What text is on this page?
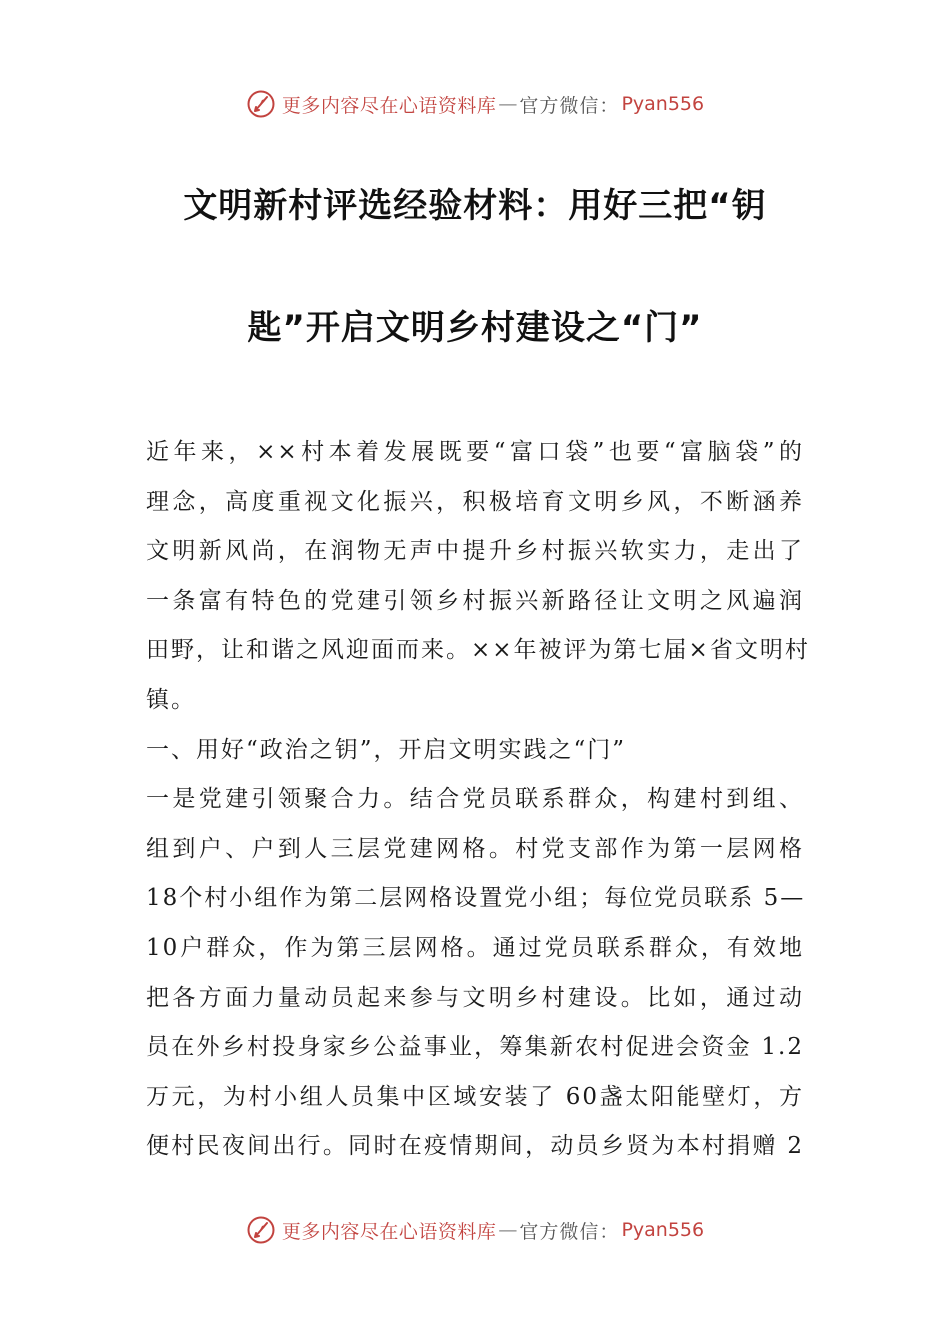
更多内容尽在心语资料库 — 官方微信： Pyan556
文明新村评选经验材料：用好三把“钥
匙”开启文明乡村建设之“门”
近年来，××村本着发展既要“富口袋”也要“富脑袋”的
理念，高度重视文化振兴，积极培育文明乡风，不断涵养
文明新风尚，在润物无声中提升乡村振兴软实力，走出了
一条富有特色的党建引领乡村振兴新路径让文明之风遍润
田野，让和谐之风迎面而来。××年被评为第七届×省文明村
镇。
一、用好“政治之钥”，开启文明实践之“门”
一是党建引领聚合力。结合党员联系群众，构建村到组、
组到户、户到人三层党建网格。村党支部作为第一层网格
18个村小组作为第二层网格设置党小组；每位党员联系 5—
10户群众，作为第三层网格。通过党员联系群众，有效地
把各方面力量动员起来参与文明乡村建设。比如，通过动
员在外乡村投身家乡公益事业，筹集新农村促进会资金 1.2
万元，为村小组人员集中区域安装了 60盏太阳能壁灯，方
便村民夜间出行。同时在疫情期间，动员乡贤为本村捐赠 2
更多内容尽在心语资料库 — 官方微信： Pyan556
